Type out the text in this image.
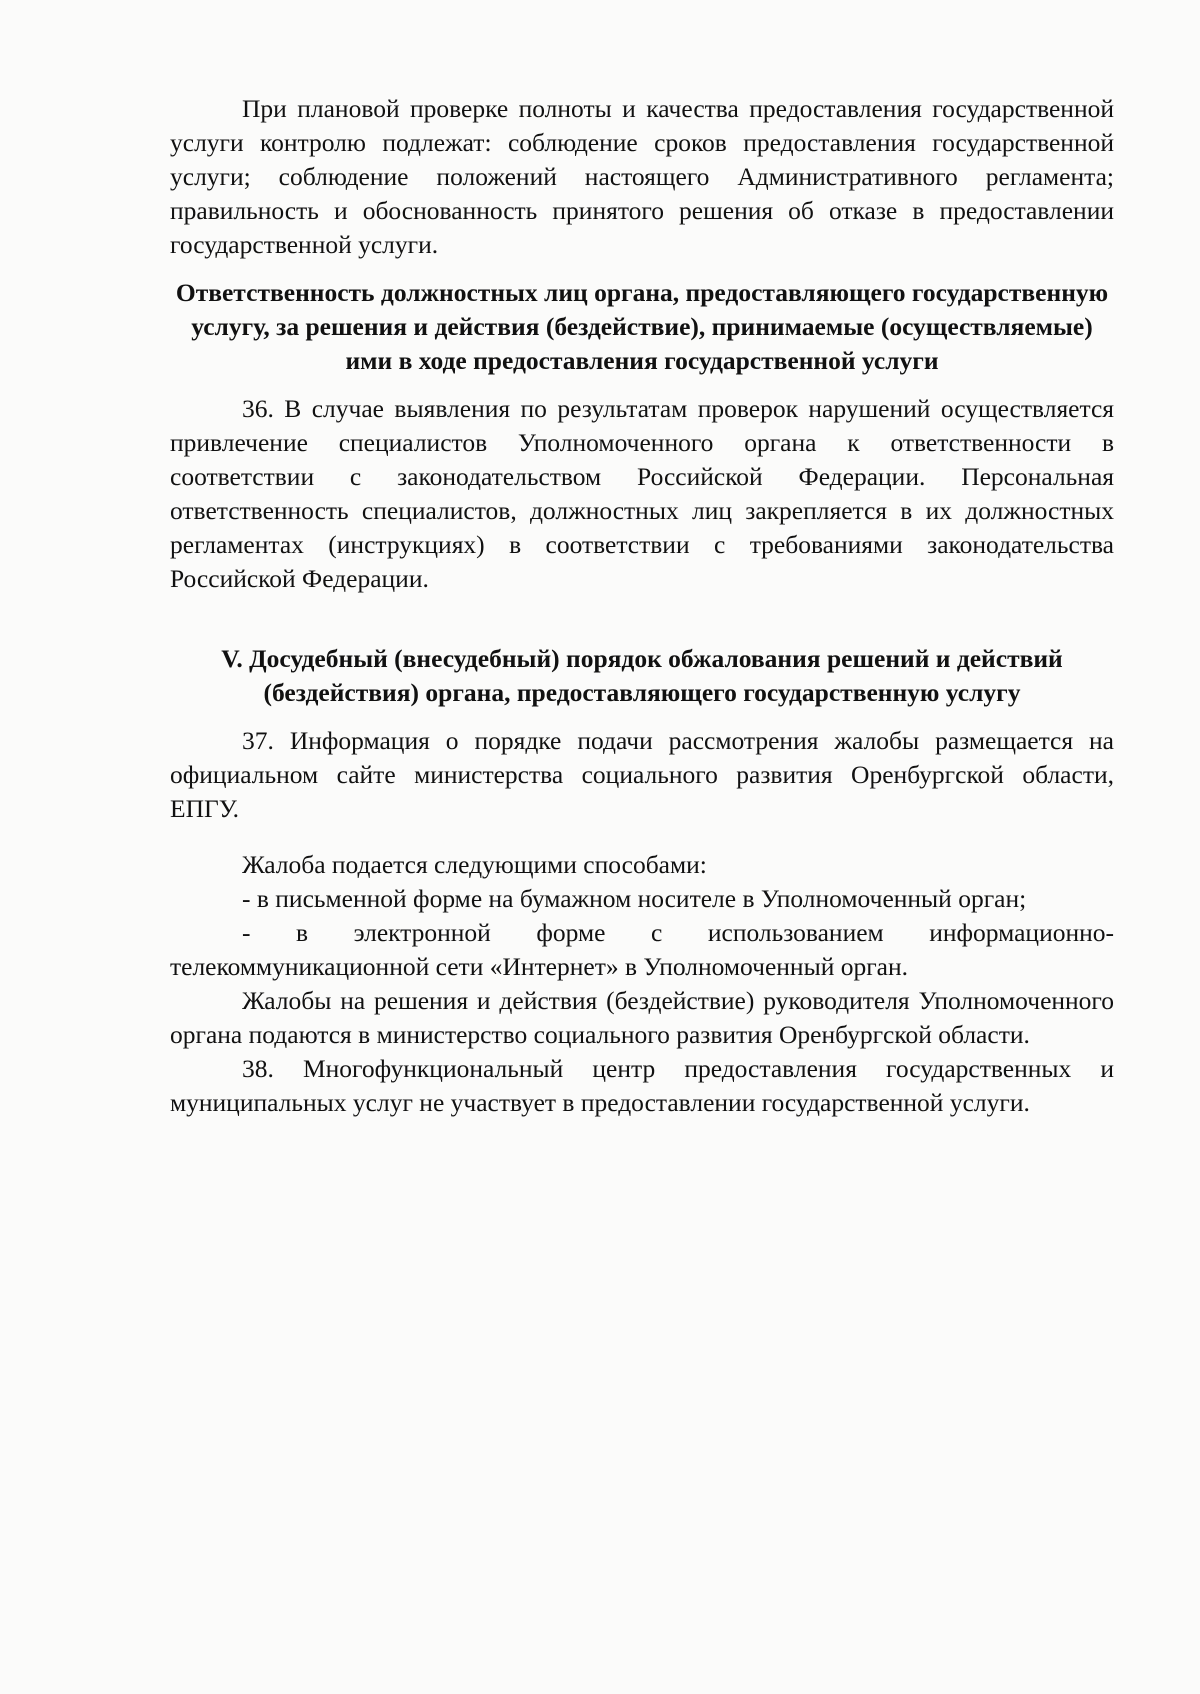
При плановой проверке полноты и качества предоставления государственной услуги контролю подлежат: соблюдение сроков предоставления государственной услуги; соблюдение положений настоящего Административного регламента; правильность и обоснованность принятого решения об отказе в предоставлении государственной услуги.

Ответственность должностных лиц органа, предоставляющего государственную услугу, за решения и действия (бездействие), принимаемые (осуществляемые) ими в ходе предоставления государственной услуги

36. В случае выявления по результатам проверок нарушений осуществляется привлечение специалистов Уполномоченного органа к ответственности в соответствии с законодательством Российской Федерации. Персональная ответственность специалистов, должностных лиц закрепляется в их должностных регламентах (инструкциях) в соответствии с требованиями законодательства Российской Федерации.

V. Досудебный (внесудебный) порядок обжалования решений и действий (бездействия) органа, предоставляющего государственную услугу

37. Информация о порядке подачи рассмотрения жалобы размещается на официальном сайте министерства социального развития Оренбургской области, ЕПГУ.

Жалоба подается следующими способами:

- в письменной форме на бумажном носителе в Уполномоченный орган;

- в электронной форме с использованием информационно-телекоммуникационной сети «Интернет» в Уполномоченный орган.

Жалобы на решения и действия (бездействие) руководителя Уполномоченного органа подаются в министерство социального развития Оренбургской области.

38. Многофункциональный центр предоставления государственных и муниципальных услуг не участвует в предоставлении государственной услуги.
